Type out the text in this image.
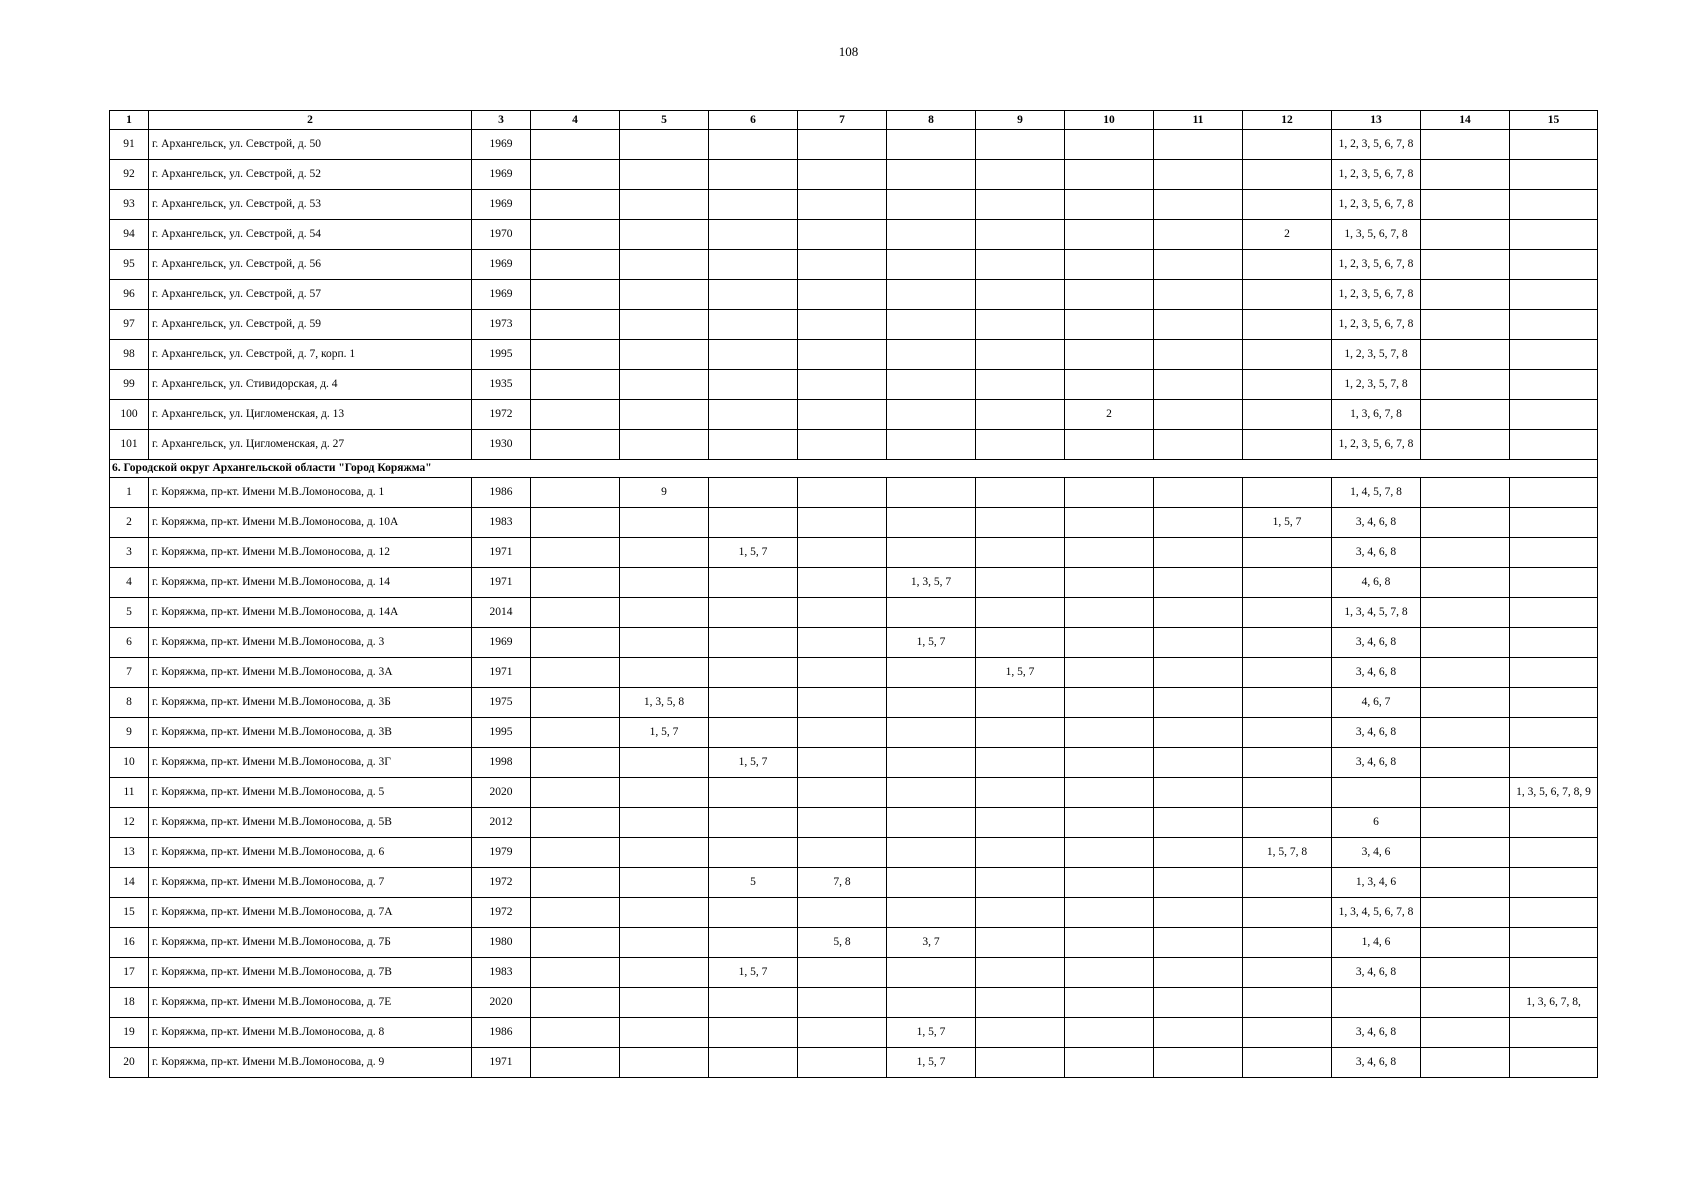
108
1	2	3	4	5	6	7	8	9	10	11	12	13	14	15
91	г. Архангельск, ул. Севстрой, д. 50	1969										1, 2, 3, 5, 6, 7, 8		
92	г. Архангельск, ул. Севстрой, д. 52	1969										1, 2, 3, 5, 6, 7, 8		
93	г. Архангельск, ул. Севстрой, д. 53	1969										1, 2, 3, 5, 6, 7, 8		
94	г. Архангельск, ул. Севстрой, д. 54	1970									2	1, 3, 5, 6, 7, 8		
95	г. Архангельск, ул. Севстрой, д. 56	1969										1, 2, 3, 5, 6, 7, 8		
96	г. Архангельск, ул. Севстрой, д. 57	1969										1, 2, 3, 5, 6, 7, 8		
97	г. Архангельск, ул. Севстрой, д. 59	1973										1, 2, 3, 5, 6, 7, 8		
98	г. Архангельск, ул. Севстрой, д. 7, корп. 1	1995										1, 2, 3, 5, 7, 8		
99	г. Архангельск, ул. Стивидорская, д. 4	1935										1, 2, 3, 5, 7, 8		
100	г. Архангельск, ул. Цигломенская, д. 13	1972							2			1, 3, 6, 7, 8		
101	г. Архангельск, ул. Цигломенская, д. 27	1930										1, 2, 3, 5, 6, 7, 8		
6. Городской округ Архангельской области "Город Коряжма"														
1	г. Коряжма, пр-кт. Имени М.В.Ломоносова, д. 1	1986		9								1, 4, 5, 7, 8		
2	г. Коряжма, пр-кт. Имени М.В.Ломоносова, д. 10А	1983									1, 5, 7	3, 4, 6, 8		
3	г. Коряжма, пр-кт. Имени М.В.Ломоносова, д. 12	1971			1, 5, 7							3, 4, 6, 8		
4	г. Коряжма, пр-кт. Имени М.В.Ломоносова, д. 14	1971					1, 3, 5, 7					4, 6, 8		
5	г. Коряжма, пр-кт. Имени М.В.Ломоносова, д. 14А	2014										1, 3, 4, 5, 7, 8		
6	г. Коряжма, пр-кт. Имени М.В.Ломоносова, д. 3	1969					1, 5, 7					3, 4, 6, 8		
7	г. Коряжма, пр-кт. Имени М.В.Ломоносова, д. 3А	1971						1, 5, 7				3, 4, 6, 8		
8	г. Коряжма, пр-кт. Имени М.В.Ломоносова, д. 3Б	1975		1, 3, 5, 8								4, 6, 7		
9	г. Коряжма, пр-кт. Имени М.В.Ломоносова, д. 3В	1995		1, 5, 7								3, 4, 6, 8		
10	г. Коряжма, пр-кт. Имени М.В.Ломоносова, д. 3Г	1998			1, 5, 7							3, 4, 6, 8		
11	г. Коряжма, пр-кт. Имени М.В.Ломоносова, д. 5	2020												1, 3, 5, 6, 7, 8, 9
12	г. Коряжма, пр-кт. Имени М.В.Ломоносова, д. 5В	2012										6		
13	г. Коряжма, пр-кт. Имени М.В.Ломоносова, д. 6	1979									1, 5, 7, 8	3, 4, 6		
14	г. Коряжма, пр-кт. Имени М.В.Ломоносова, д. 7	1972			5	7, 8						1, 3, 4, 6		
15	г. Коряжма, пр-кт. Имени М.В.Ломоносова, д. 7А	1972										1, 3, 4, 5, 6, 7, 8		
16	г. Коряжма, пр-кт. Имени М.В.Ломоносова, д. 7Б	1980				5, 8	3, 7					1, 4, 6		
17	г. Коряжма, пр-кт. Имени М.В.Ломоносова, д. 7В	1983			1, 5, 7							3, 4, 6, 8		
18	г. Коряжма, пр-кт. Имени М.В.Ломоносова, д. 7Е	2020												1, 3, 6, 7, 8,
19	г. Коряжма, пр-кт. Имени М.В.Ломоносова, д. 8	1986					1, 5, 7					3, 4, 6, 8		
20	г. Коряжма, пр-кт. Имени М.В.Ломоносова, д. 9	1971					1, 5, 7					3, 4, 6, 8		
